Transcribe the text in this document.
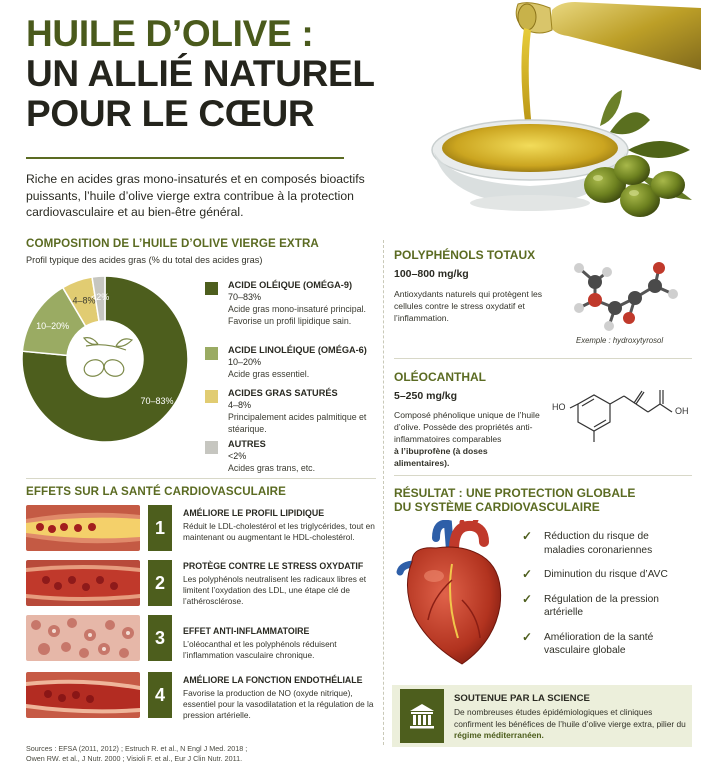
HUILE D’OLIVE :
UN ALLIÉ NATUREL
POUR LE CŒUR
Riche en acides gras mono-insaturés et en composés bioactifs puissants, l’huile d’olive vierge extra contribue à la protection cardiovasculaire et au bien-être général.
COMPOSITION DE L’HUILE D’OLIVE VIERGE EXTRA
Profil typique des acides gras (% du total des acides gras)
70–83%
10–20%
4–8%
<2%
ACIDE OLÉIQUE (OMÉGA-9)
70–83%
Acide gras mono-insaturé principal. Favorise un profil lipidique sain.
ACIDE LINOLÉIQUE (OMÉGA-6)
10–20%
Acide gras essentiel.
ACIDES GRAS SATURÉS
4–8%
Principalement acides palmitique et stéarique.
AUTRES
<2%
Acides gras trans, etc.
EFFETS SUR LA SANTÉ CARDIOVASCULAIRE
1
AMÉLIORE LE PROFIL LIPIDIQUE
Réduit le LDL-cholestérol et les triglycérides, tout en maintenant ou augmentant le HDL-cholestérol.
2
PROTÈGE CONTRE LE STRESS OXYDATIF
Les polyphénols neutralisent les radicaux libres et limitent l’oxydation des LDL, une étape clé de l’athérosclérose.
3	EFFET ANTI-INFLAMMATOIRE
L’oléocanthal et les polyphénols réduisent l’inflammation vasculaire chronique.
4
AMÉLIORE LA FONCTION ENDOTHÉLIALE
Favorise la production de NO (oxyde nitrique), essentiel pour la vasodilatation et la régulation de la pression artérielle.
Sources : EFSA (2011, 2012) ; Estruch R. et al., N Engl J Med. 2018 ;
Owen RW. et al., J Nutr. 2000 ; Visioli F. et al., Eur J Clin Nutr. 2011.
POLYPHÉNOLS TOTAUX
100–800 mg/kg
Antioxydants naturels qui protègent les cellules contre le stress oxydatif et l’inflammation.
Exemple : hydroxytyrosol
OLÉOCANTHAL
5–250 mg/kg
Composé phénolique unique de l’huile d’olive. Possède des propriétés anti-inflammatoires comparables
à l’ibuprofène (à doses alimentaires).
HO	OH
RÉSULTAT : UNE PROTECTION GLOBALE
DU SYSTÈME CARDIOVASCULAIRE
✓ Réduction du risque de maladies coronariennes
✓ Diminution du risque d’AVC
✓ Régulation de la pression artérielle
✓ Amélioration de la santé vasculaire globale
SOUTENUE PAR LA SCIENCE
De nombreuses études épidémiologiques et cliniques confirment les bénéfices de l’huile d’olive vierge extra, pilier du régime méditerranéen.
